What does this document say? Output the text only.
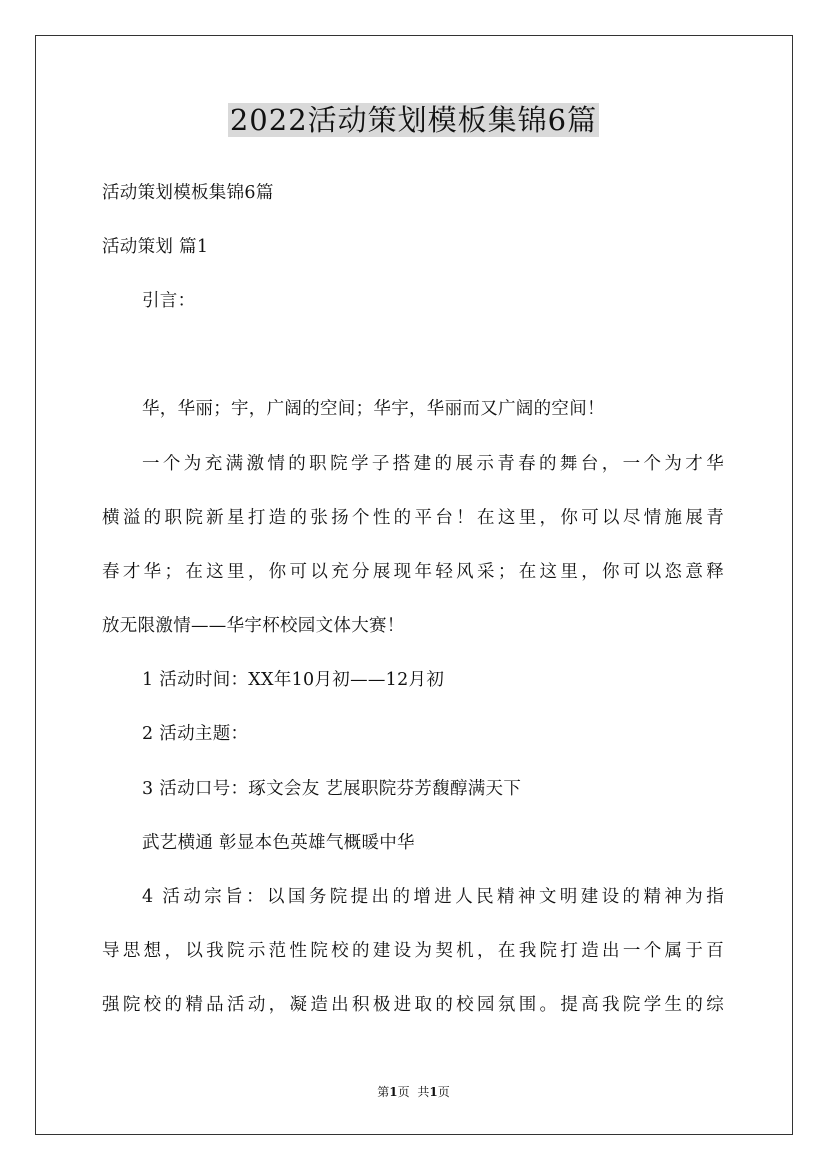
2022活动策划模板集锦6篇
活动策划模板集锦6篇
活动策划 篇1
引言：
华，华丽；宇，广阔的空间；华宇，华丽而又广阔的空间！
一个为充满激情的职院学子搭建的展示青春的舞台，一个为才华
横溢的职院新星打造的张扬个性的平台！在这里，你可以尽情施展青
春才华；在这里，你可以充分展现年轻风采；在这里，你可以恣意释
放无限激情——华宇杯校园文体大赛！
1 活动时间：XX年10月初——12月初
2 活动主题：
3 活动口号：琢文会友 艺展职院芬芳馥醇满天下
武艺横通 彰显本色英雄气概暖中华
4 活动宗旨：以国务院提出的增进人民精神文明建设的精神为指
导思想，以我院示范性院校的建设为契机，在我院打造出一个属于百
强院校的精品活动，凝造出积极进取的校园氛围。提高我院学生的综
第1页 共1页
